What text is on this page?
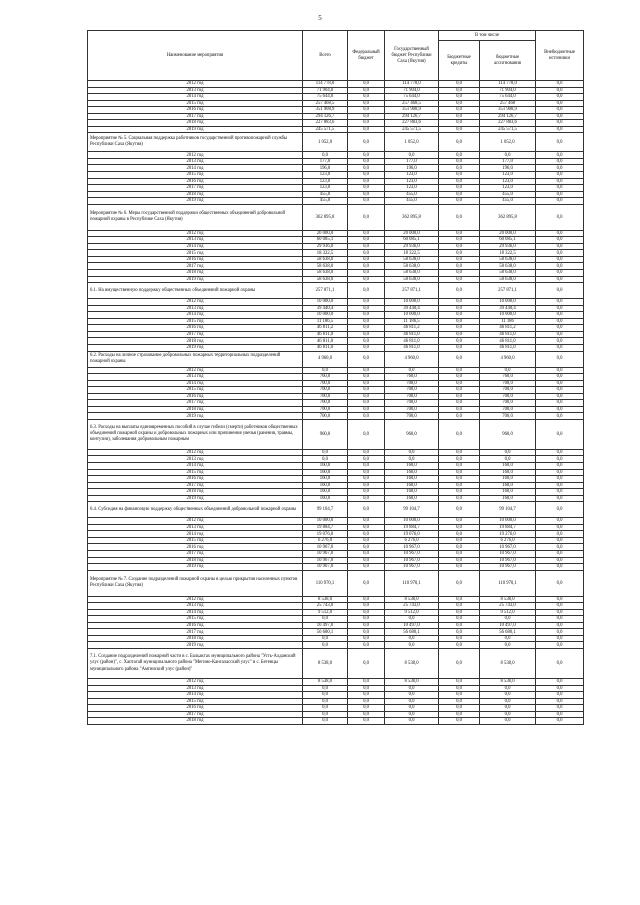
5
Наименование мероприятия	Всего	Федеральный бюджет	Государственный бюджет Республики Саха (Якутия)	В том числе		Внебюджетные источники
				Бюджетные кредиты	бюджетные ассигнования	
2012 год	114 778,0	0,0	114 778,0	0,0	114 778,0	0,0
2013 год	71 904,0	0,0	71 904,0	0,0	71 904,0	0,0
2014 год	75 644,0	0,0	75 644,0	0,0	75 644,0	0,0
2015 год	257 468,5	0,0	257 468,5	0,0	257 468	0,0
2016 год	351 908,9	0,0	351 908,9	0,0	351 908,9	0,0
2017 год	294 126,7	0,0	294 126,7	0,0	294 126,7	0,0
2018 год	227 883,6	0,0	227 883,6	0,0	227 883,6	0,0
2019 год	245 571,5	0,0	245 571,5	0,0	245 571,5	0,0
Мероприятие № 5. Социальная поддержка работников государственной противопожарной службы Республики Саха (Якутия)	1 052,0	0,0	1 052,0	0,0	1 052,0	0,0
2012 год	0,0	0,0	0,0	0,0	0,0	0,0
2013 год	177,0	0,0	177,0	0,0	177,0	0,0
2014 год	196,0	0,0	196,0	0,0	196,0	0,0
2015 год	123,0	0,0	123,0	0,0	123,0	0,0
2016 год	123,0	0,0	123,0	0,0	123,0	0,0
2017 год	123,0	0,0	123,0	0,0	123,0	0,0
2018 год	455,0	0,0	455,0	0,0	455,0	0,0
2019 год	455,0	0,0	455,0	0,0	455,0	0,0
Мероприятие № 6. Меры государственной поддержки общественных объединений добровольной пожарной охраны в Республике Саха (Якутия)	362 895,8	0,0	362 895,8	0,0	362 895,8	0,0
2012 год	20 000,0	0,0	20 000,0	0,0	20 000,0	0,0
2013 год	60 085,1	0,0	60 085,1	0,0	60 085,1	0,0
2014 год	29 936,0	0,0	29 936,0	0,0	29 936,0	0,0
2015 год	18 322,5	0,0	18 322,5	0,0	18 322,5	0,0
2016 год	58 638,0	0,0	58 638,0	0,0	58 638,0	0,0
2017 год	58 638,0	0,0	58 638,0	0,0	58 638,0	0,0
2018 год	58 638,0	0,0	58 638,0	0,0	58 638,0	0,0
2019 год	58 638,0	0,0	58 638,0	0,0	58 638,0	0,0
6.1. На имущественную поддержку общественных объединений пожарной охраны	257 871,1	0,0	257 871,1	0,0	257 871,1	0,0
2012 год	10 000,0	0,0	10 000,0	0,0	10 000,0	0,0
2013 год	39 440,4	0,0	39 440,4	0,0	39 440,4	0,0
2014 год	10 000,0	0,0	10 000,0	0,0	10 000,0	0,0
2015 год	11 186,5	0,0	11 186,5	0,0	11 186	0,0
2016 год	46 811,2	0,0	46 811,2	0,0	46 811,2	0,0
2017 год	46 811,0	0,0	46 811,0	0,0	46 811,0	0,0
2018 год	46 811,0	0,0	46 811,0	0,0	46 811,0	0,0
2019 год	46 811,0	0,0	46 811,0	0,0	46 811,0	0,0
6.2. Расходы на личное страхование добровольных пожарных территориальных подразделений пожарной охраны	4 960,0	0,0	4 960,0	0,0	4 960,0	0,0
2012 год	0,0	0,0	0,0	0,0	0,0	0,0
2013 год	760,0	0,0	760,0	0,0	760,0	0,0
2014 год	700,0	0,0	700,0	0,0	700,0	0,0
2015 год	700,0	0,0	700,0	0,0	700,0	0,0
2016 год	700,0	0,0	700,0	0,0	700,0	0,0
2017 год	700,0	0,0	700,0	0,0	700,0	0,0
2018 год	700,0	0,0	700,0	0,0	700,0	0,0
2019 год	700,0	0,0	700,0	0,0	700,0	0,0
6.3. Расходы на выплаты единовременных пособий в случае гибели (смерти) работников общественных объединений пожарной охраны и добровольных пожарных или причинения увечья (ранения, травмы, контузии), заболевания добровольным пожарным	960,0	0,0	960,0	0,0	960,0	0,0
2012 год	0,0	0,0	0,0	0,0	0,0	0,0
2013 год	0,0	0,0	0,0	0,0	0,0	0,0
2014 год	160,0	0,0	160,0	0,0	160,0	0,0
2015 год	160,0	0,0	160,0	0,0	160,0	0,0
2016 год	160,0	0,0	160,0	0,0	160,0	0,0
2017 год	160,0	0,0	160,0	0,0	160,0	0,0
2018 год	160,0	0,0	160,0	0,0	160,0	0,0
2019 год	160,0	0,0	160,0	0,0	160,0	0,0
6.4. Субсидия на финансовую поддержку общественных объединений добровольной пожарной охраны	99 104,7	0,0	99 104,7	0,0	99 104,7	0,0
2012 год	10 000,0	0,0	10 000,0	0,0	10 000,0	0,0
2013 год	19 884,7	0,0	19 884,7	0,0	19 884,7	0,0
2014 год	19 076,0	0,0	19 076,0	0,0	19 276,0	0,0
2015 год	6 276,0	0,0	6 276,0	0,0	6 276,0	0,0
2016 год	10 967,0	0,0	10 967,0	0,0	10 967,0	0,0
2017 год	10 967,0	0,0	10 967,0	0,0	10 967,0	0,0
2018 год	10 967,0	0,0	10 967,0	0,0	10 967,0	0,0
2019 год	10 967,0	0,0	10 967,0	0,0	10 967,0	0,0
Мероприятие № 7. Создание подразделений пожарной охраны в целью прикрытия населенных пунктов Республики Саха (Якутия)	110 970,1	0,0	110 970,1	0,0	110 970,1	0,0
2012 год	8 538,0	0,0	8 538,0	0,0	8 538,0	0,0
2013 год	25 743,0	0,0	25 743,0	0,0	25 743,0	0,0
2014 год	9 512,0	0,0	9 512,0	0,0	9 512,0	0,0
2015 год	0,0	0,0	0,0	0,0	0,0	0,0
2016 год	10 497,0	0,0	10 497,0	0,0	10 497,0	0,0
2017 год	56 680,1	0,0	56 680,1	0,0	56 680,1	0,0
2018 год	0,0	0,0	0,0	0,0	0,0	0,0
2019 год	0,0	0,0	0,0	0,0	0,0	0,0
7.1. Создание подразделений пожарной части в с. Бальактах муниципального района "Усть-Алданский улус (район)", с. Хаптагай муниципального района "Мегино-Кангаласский улус" и с. Бетенцы муниципального района "Амгинский улус (район)"	8 538,0	0,0	8 538,0	0,0	8 538,0	0,0
2012 год	8 538,0	0,0	8 538,0	0,0	8 538,0	0,0
2013 год	0,0	0,0	0,0	0,0	0,0	0,0
2014 год	0,0	0,0	0,0	0,0	0,0	0,0
2015 год	0,0	0,0	0,0	0,0	0,0	0,0
2016 год	0,0	0,0	0,0	0,0	0,0	0,0
2017 год	0,0	0,0	0,0	0,0	0,0	0,0
2018 год	0,0	0,0	0,0	0,0	0,0	0,0
